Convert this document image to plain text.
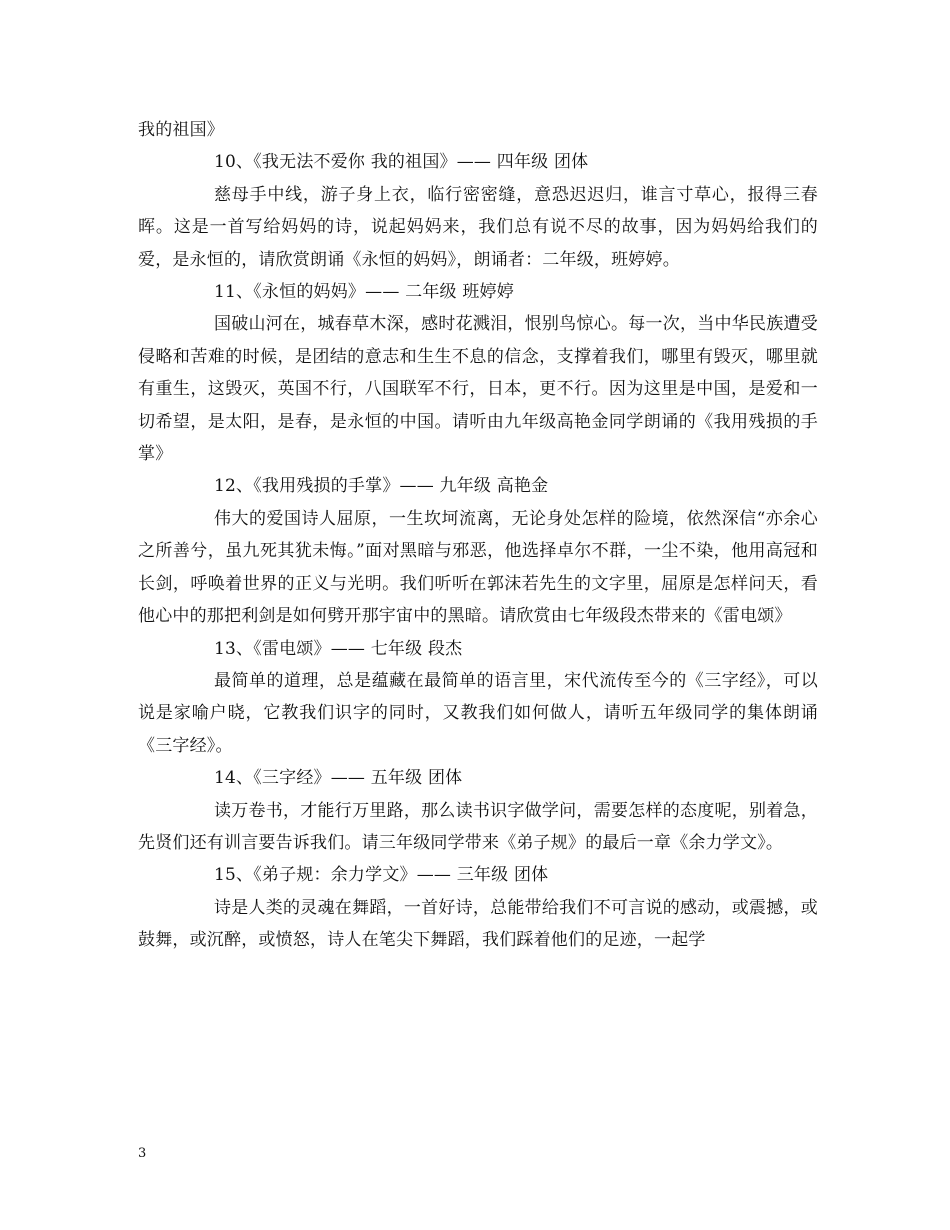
我的祖国》

10、《我无法不爱你 我的祖国》—— 四年级 团体

慈母手中线，游子身上衣，临行密密缝，意恐迟迟归，谁言寸草心，报得三春晖。这是一首写给妈妈的诗，说起妈妈来，我们总有说不尽的故事，因为妈妈给我们的爱，是永恒的，请欣赏朗诵《永恒的妈妈》，朗诵者：二年级，班婷婷。

11、《永恒的妈妈》—— 二年级 班婷婷

国破山河在，城春草木深，感时花溅泪，恨别鸟惊心。每一次，当中华民族遭受侵略和苦难的时候，是团结的意志和生生不息的信念，支撑着我们，哪里有毁灭，哪里就有重生，这毁灭，英国不行，八国联军不行，日本，更不行。因为这里是中国，是爱和一切希望，是太阳，是春，是永恒的中国。请听由九年级高艳金同学朗诵的《我用残损的手掌》

12、《我用残损的手掌》—— 九年级 高艳金

伟大的爱国诗人屈原，一生坎坷流离，无论身处怎样的险境，依然深信“亦余心之所善兮，虽九死其犹未悔。”面对黑暗与邪恶，他选择卓尔不群，一尘不染，他用高冠和长剑，呼唤着世界的正义与光明。我们听听在郭沫若先生的文字里，屈原是怎样问天，看他心中的那把利剑是如何劈开那宇宙中的黑暗。请欣赏由七年级段杰带来的《雷电颂》

13、《雷电颂》—— 七年级 段杰

最简单的道理，总是蕴藏在最简单的语言里，宋代流传至今的《三字经》，可以说是家喻户晓，它教我们识字的同时，又教我们如何做人，请听五年级同学的集体朗诵《三字经》。

14、《三字经》—— 五年级 团体

读万卷书，才能行万里路，那么读书识字做学问，需要怎样的态度呢，别着急，先贤们还有训言要告诉我们。请三年级同学带来《弟子规》的最后一章《余力学文》。

15、《弟子规：余力学文》—— 三年级 团体

诗是人类的灵魂在舞蹈，一首好诗，总能带给我们不可言说的感动，或震撼，或鼓舞，或沉醉，或愤怒，诗人在笔尖下舞蹈，我们踩着他们的足迹，一起学

3
